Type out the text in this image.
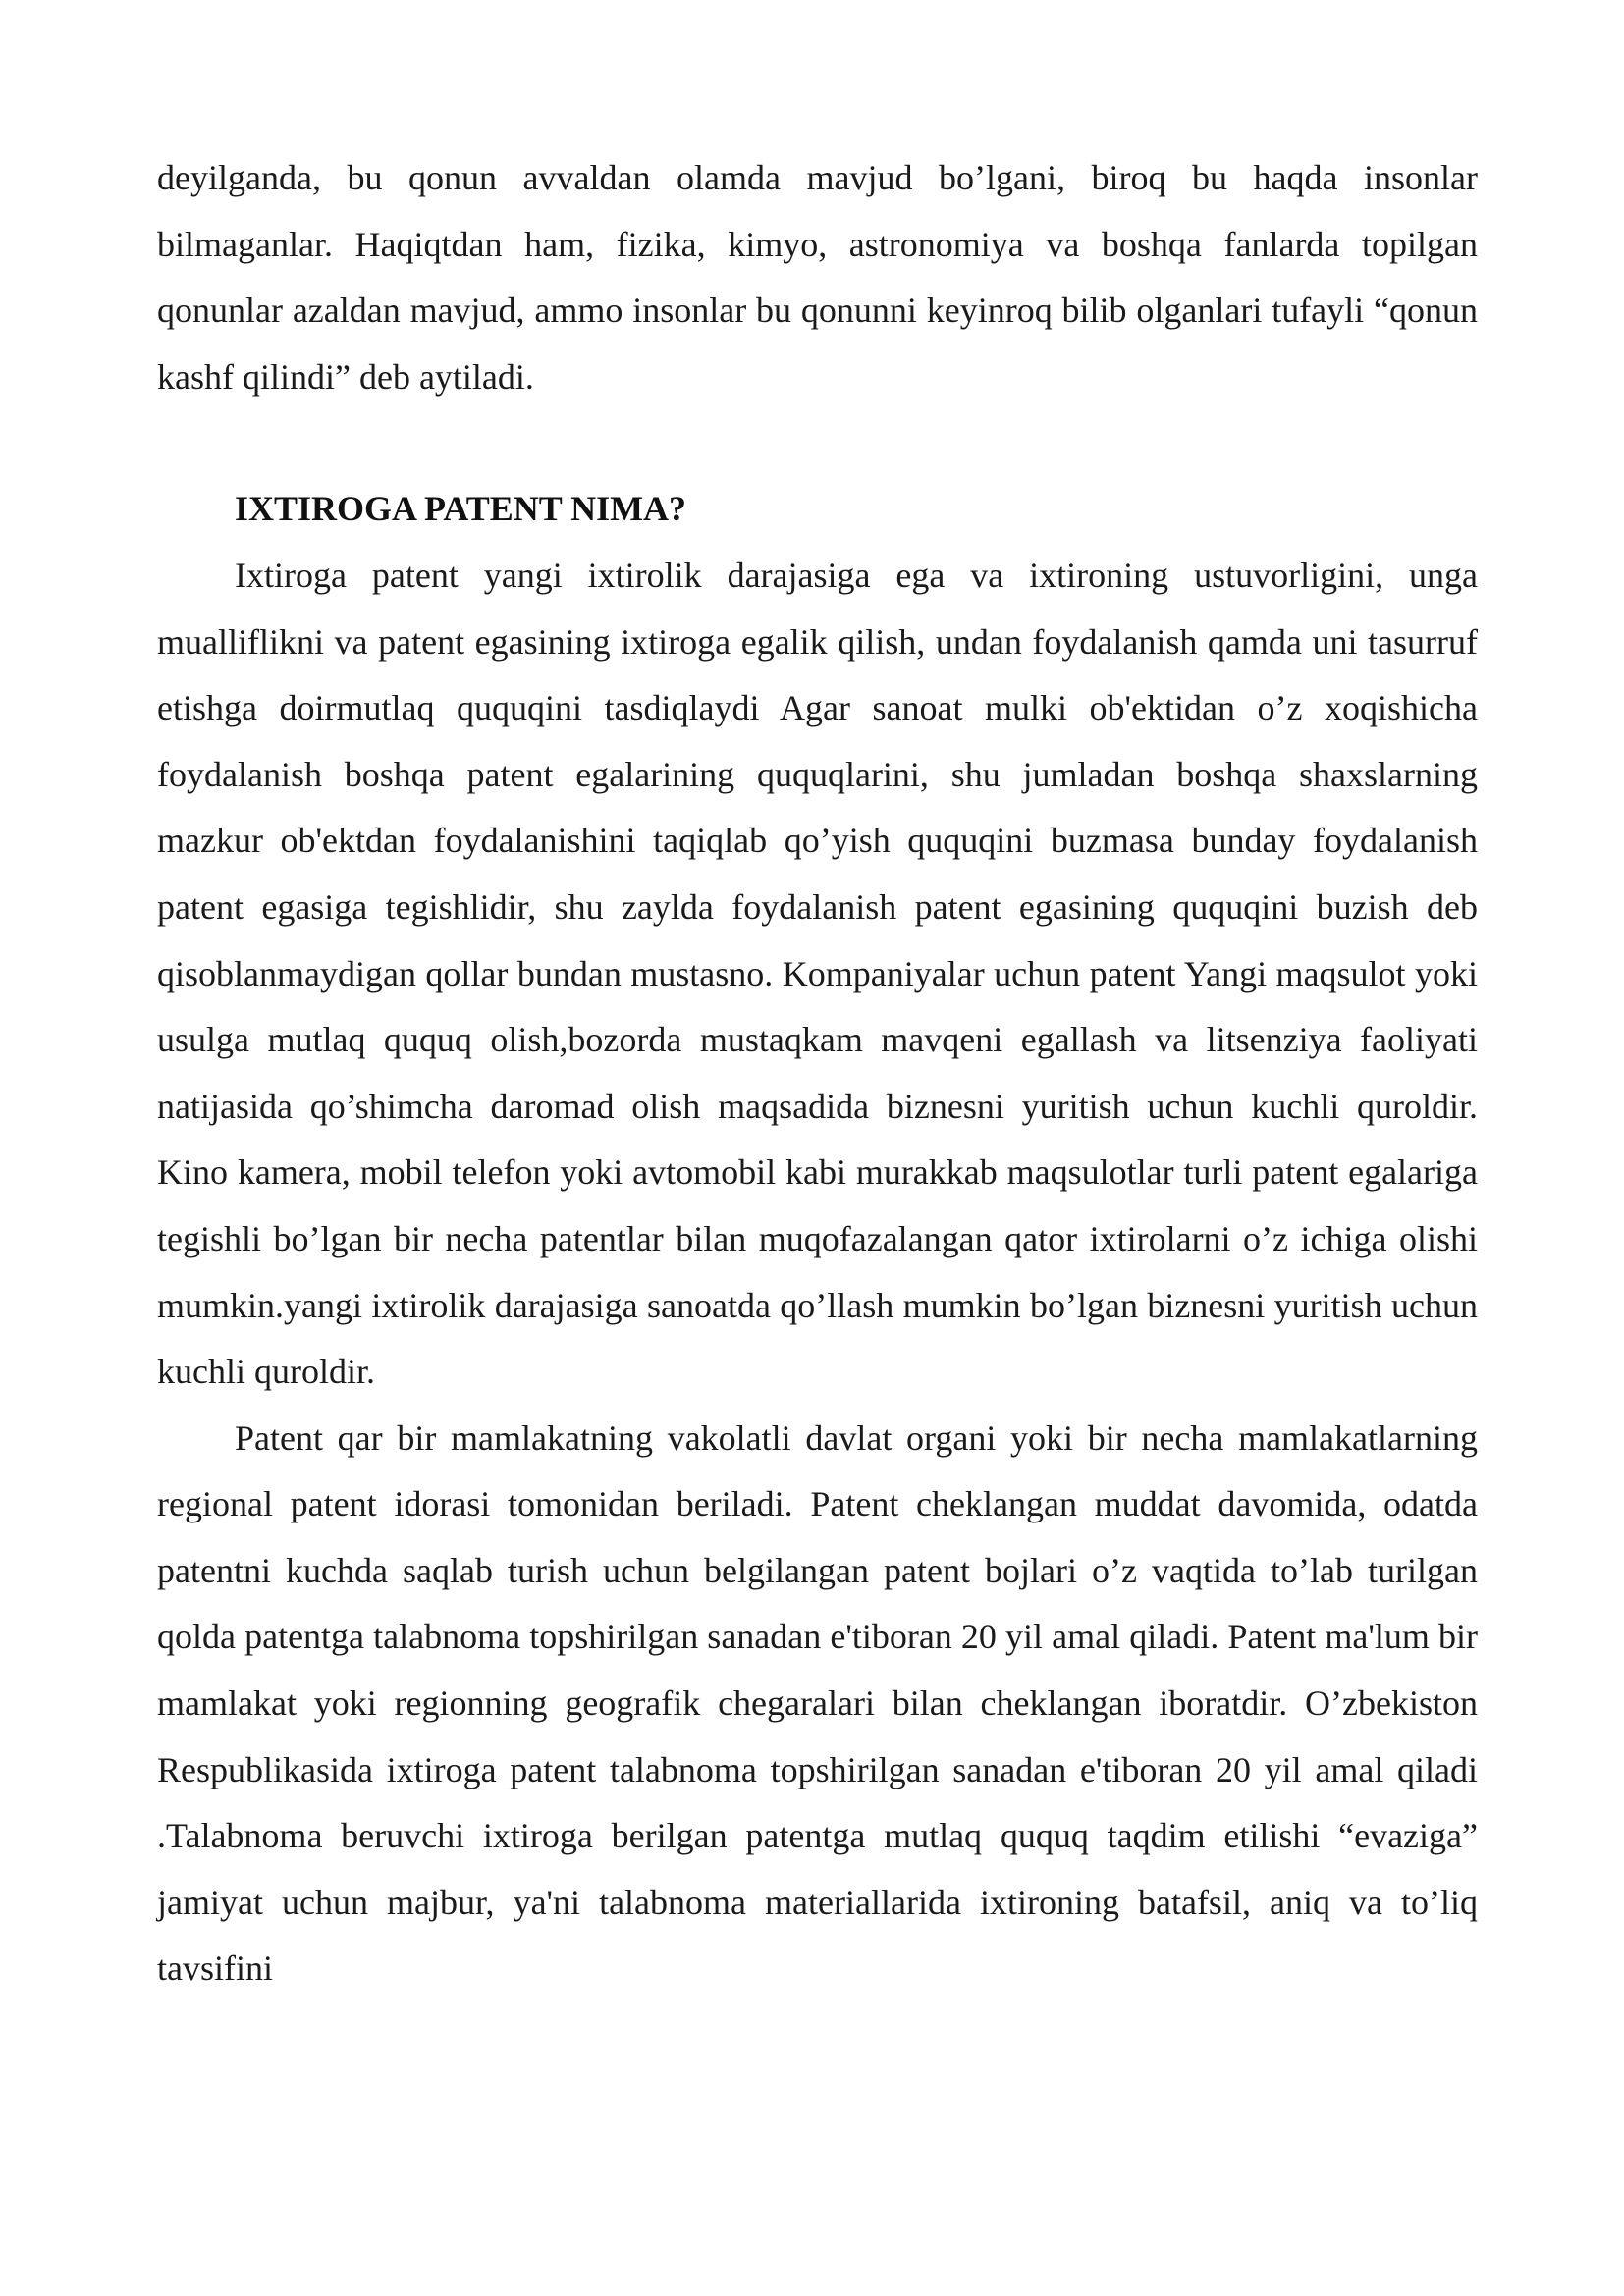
deyilganda, bu qonun avvaldan olamda mavjud bo’lgani, biroq bu haqda insonlar bilmaganlar. Haqiqtdan ham, fizika, kimyo, astronomiya va boshqa fanlarda topilgan qonunlar azaldan mavjud, ammo insonlar bu qonunni keyinroq bilib olganlari tufayli “qonun kashf qilindi” deb aytiladi.

IXTIROGA PATENT NIMA?

Ixtiroga patent yangi ixtirolik darajasiga ega va ixtironing ustuvorligini, unga mualliflikni va patent egasining ixtiroga egalik qilish, undan foydalanish qamda uni tasurruf etishga doirmutlaq ququqini tasdiqlaydi Agar sanoat mulki ob'ektidan o’z xoqishicha foydalanish boshqa patent egalarining ququqlarini, shu jumladan boshqa shaxslarning mazkur ob'ektdan foydalanishini taqiqlab qo’yish ququqini buzmasa bunday foydalanish patent egasiga tegishlidir, shu zaylda foydalanish patent egasining ququqini buzish deb qisoblanmaydigan qollar bundan mustasno. Kompaniyalar uchun patent Yangi maqsulot yoki usulga mutlaq ququq olish,bozorda mustaqkam mavqeni egallash va litsenziya faoliyati natijasida qo’shimcha daromad olish maqsadida biznesni yuritish uchun kuchli quroldir. Kino kamera, mobil telefon yoki avtomobil kabi murakkab maqsulotlar turli patent egalariga tegishli bo’lgan bir necha patentlar bilan muqofazalangan qator ixtirolarni o’z ichiga olishi mumkin.yangi ixtirolik darajasiga sanoatda qo’llash mumkin bo’lgan biznesni yuritish uchun kuchli quroldir.

Patent qar bir mamlakatning vakolatli davlat organi yoki bir necha mamlakatlarning regional patent idorasi tomonidan beriladi. Patent cheklangan muddat davomida, odatda patentni kuchda saqlab turish uchun belgilangan patent bojlari o’z vaqtida to’lab turilgan qolda patentga talabnoma topshirilgan sanadan e'tiboran 20 yil amal qiladi. Patent ma'lum bir mamlakat yoki regionning geografik chegaralari bilan cheklangan iboratdir. O’zbekiston Respublikasida ixtiroga patent talabnoma topshirilgan sanadan e'tiboran 20 yil amal qiladi .Talabnoma beruvchi ixtiroga berilgan patentga mutlaq ququq taqdim etilishi “evaziga” jamiyat uchun majbur, ya'ni talabnoma materiallarida ixtironing batafsil, aniq va to’liq tavsifini
